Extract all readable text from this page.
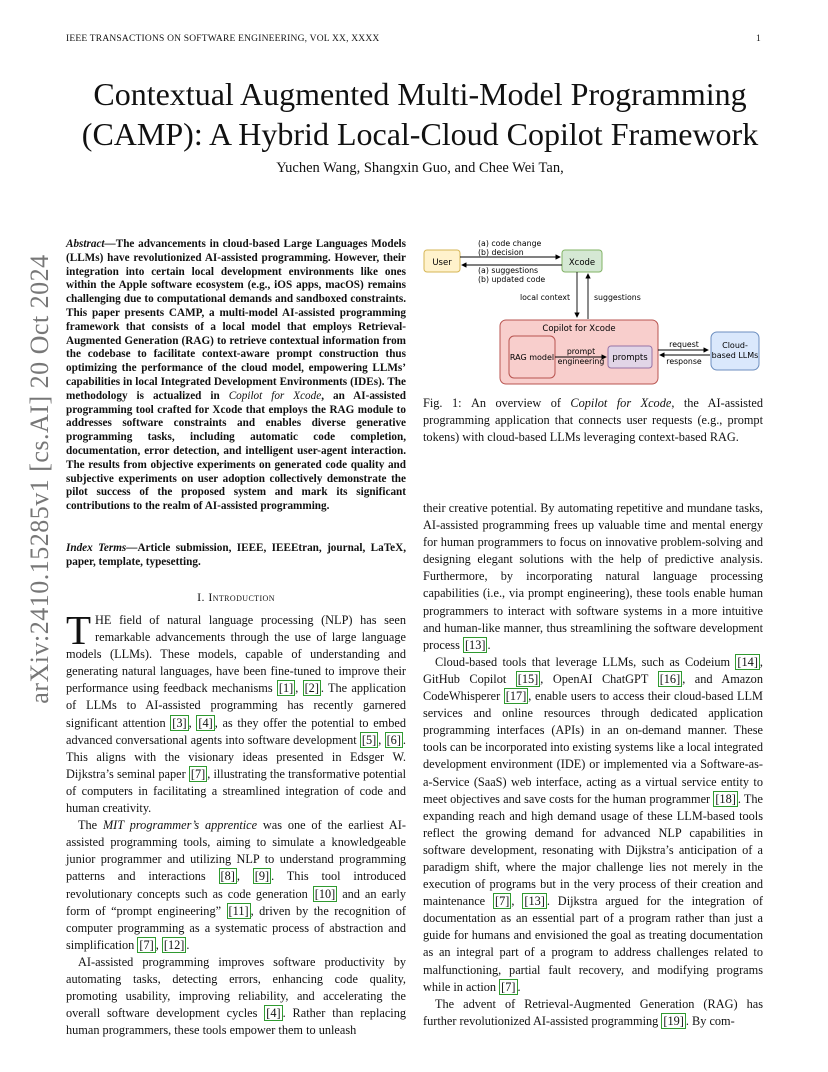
IEEE TRANSACTIONS ON SOFTWARE ENGINEERING, VOL XX, XXXX	1
arXiv:2410.15285v1 [cs.AI] 20 Oct 2024
Contextual Augmented Multi-Model Programming
(CAMP): A Hybrid Local-Cloud Copilot Framework
Yuchen Wang, Shangxin Guo, and Chee Wei Tan,
Abstract—The advancements in cloud-based Large Languages Models (LLMs) have revolutionized AI-assisted programming. However, their integration into certain local development environments like ones within the Apple software ecosystem (e.g., iOS apps, macOS) remains challenging due to computational demands and sandboxed constraints. This paper presents CAMP, a multi-model AI-assisted programming framework that consists of a local model that employs Retrieval-Augmented Generation (RAG) to retrieve contextual information from the codebase to facilitate context-aware prompt construction thus optimizing the performance of the cloud model, empowering LLMs’ capabilities in local Integrated Development Environments (IDEs). The methodology is actualized in Copilot for Xcode, an AI-assisted programming tool crafted for Xcode that employs the RAG module to addresses software constraints and enables diverse generative programming tasks, including automatic code completion, documentation, error detection, and intelligent user-agent interaction. The results from objective experiments on generated code quality and subjective experiments on user adoption collectively demonstrate the pilot success of the proposed system and mark its significant contributions to the realm of AI-assisted programming.
Index Terms—Article submission, IEEE, IEEEtran, journal, LaTeX, paper, template, typesetting.
I. Introduction

THE field of natural language processing (NLP) has seen remarkable advancements through the use of large language models (LLMs). These models, capable of understanding and generating natural languages, have been fine-tuned to improve their performance using feedback mechanisms [1] , [2] . The application of LLMs to AI-assisted programming has recently garnered significant attention [3] , [4] , as they offer the potential to embed advanced conversational agents into software development [5] , [6] . This aligns with the visionary ideas presented in Edsger W. Dijkstra’s seminal paper [7] , illustrating the transformative potential of computers in facilitating a streamlined integration of code and human creativity.

The MIT programmer’s apprentice was one of the earliest AI-assisted programming tools, aiming to simulate a knowledgeable junior programmer and utilizing NLP to understand programming patterns and interactions [8] , [9] . This tool introduced revolutionary concepts such as code generation [10] and an early form of “prompt engineering” [11] , driven by the recognition of computer programming as a systematic process of abstraction and simplification [7] , [12] .

AI-assisted programming improves software productivity by automating tasks, detecting errors, enhancing code quality, promoting usability, improving reliability, and accelerating the overall software development cycles [4] . Rather than replacing human programmers, these tools empower them to unleash

User	Xcode
(a) code change
(b) decision
(a) suggestions
(b) updated code
local context	suggestions
Copilot for Xcode
RAG model
prompt
engineering prompts
request
response
Cloud-
based LLMs
Fig. 1: An overview of Copilot for Xcode, the AI-assisted programming application that connects user requests (e.g., prompt tokens) with cloud-based LLMs leveraging context-based RAG.

their creative potential. By automating repetitive and mundane tasks, AI-assisted programming frees up valuable time and mental energy for human programmers to focus on innovative problem-solving and designing elegant solutions with the help of predictive analysis. Furthermore, by incorporating natural language processing capabilities (i.e., via prompt engineering), these tools enable human programmers to interact with software systems in a more intuitive and human-like manner, thus streamlining the software development process [13] .

Cloud-based tools that leverage LLMs, such as Codeium [14] , GitHub Copilot [15] , OpenAI ChatGPT [16] , and Amazon CodeWhisperer [17] , enable users to access their cloud-based LLM services and online resources through dedicated application programming interfaces (APIs) in an on-demand manner. These tools can be incorporated into existing systems like a local integrated development environment (IDE) or implemented via a Software-as-a-Service (SaaS) web interface, acting as a virtual service entity to meet objectives and save costs for the human programmer [18] . The expanding reach and high demand usage of these LLM-based tools reflect the growing demand for advanced NLP capabilities in software development, resonating with Dijkstra’s anticipation of a paradigm shift, where the major challenge lies not merely in the execution of programs but in the very process of their creation and maintenance [7] , [13] . Dijkstra argued for the integration of documentation as an essential part of a program rather than just a guide for humans and envisioned the goal as treating documentation as an integral part of a program to address challenges related to malfunctioning, partial fault recovery, and modifying programs while in action [7] .

The advent of Retrieval-Augmented Generation (RAG) has further revolutionized AI-assisted programming [19] . By com-
